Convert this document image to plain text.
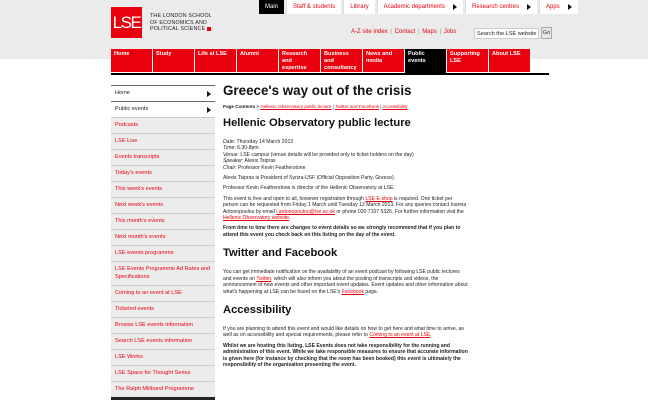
LSE	THE LONDON SCHOOL
OF ECONOMICS AND
POLITICAL SCIENCE
Main	Staff & students	Library	Academic departments	Research centres	Apps
A-Z site index | Contact | Maps | Jobs
Search the LSE website	Go
Home	Study	Life at LSE	Alumni	Research and
expertise
Business and
consultancy
News and
media
Public
events
Supporting
LSE
About LSE
Home
Public events
Podcasts
LSE Live
Events transcripts
Today's events
This week's events
Next week's events
This month's events
Next month's events
LSE events programme
LSE Events Programme Ad Rates and Specifications
Coming to an event at LSE
Ticketed events
Browse LSE events information
Search LSE events information
LSE Works
LSE Space for Thought Series
The Ralph Miliband Programme
Greece's way out of the crisis
Page Contents > Hellenic Observatory public lecture | Twitter and Facebook | Accessibility
Hellenic Observatory public lecture

Date: Thursday 14 March 2013
Time: 6.30-8pm
Venue: LSE campus (venue details will be provided only to ticket holders on the day)
Speaker: Alexis Tsipras
Chair: Professor Kevin Featherstone

Alexis Tsipras is President of Syriza-USF (Official Opposition Party, Greece).

Professor Kevin Featherstone is director of the Hellenic Observatory at LSE.

This event is free and open to all, however registration through LSE E-shop is required. One ticket per person can be requested from Friday 1 March until Tuesday 12 March 2013. For any queries contact Ioanna Antonopoulou by email i.antonopoulou@lse.ac.uk or phone 020 7107 5326. For further information visit the Hellenic Observatory website.

From time to time there are changes to event details so we strongly recommend that if you plan to attend this event you check back on this listing on the day of the event.

Twitter and Facebook

You can get immediate notification on the availability of an event podcast by following LSE public lectures and events on Twitter, which will also inform you about the posting of transcripts and videos, the announcement of new events and other important event updates. Event updates and other information about what's happening at LSE can be found on the LSE's Facebook page.

Accessibility

If you are planning to attend this event and would like details on how to get here and what time to arrive, as well as on accessibility and special requirements, please refer to Coming to an event at LSE.

Whilst we are hosting this listing, LSE Events does not take responsibility for the running and administration of this event. While we take responsible measures to ensure that accurate information is given here (for instance by checking that the room has been booked) this event is ultimately the responsibility of the organisation presenting the event.
